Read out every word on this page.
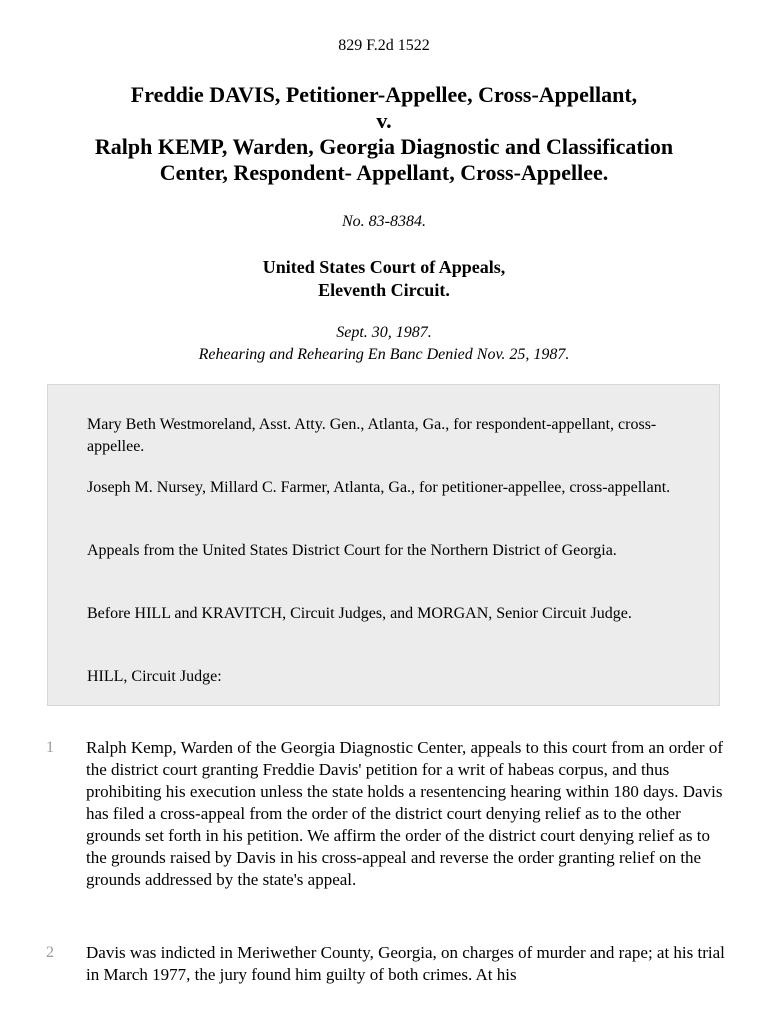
829 F.2d 1522
Freddie DAVIS, Petitioner-Appellee, Cross-Appellant,
v.
Ralph KEMP, Warden, Georgia Diagnostic and Classification
Center, Respondent- Appellant, Cross-Appellee.
No. 83-8384.
United States Court of Appeals,
Eleventh Circuit.
Sept. 30, 1987.
Rehearing and Rehearing En Banc Denied Nov. 25, 1987.

Mary Beth Westmoreland, Asst. Atty. Gen., Atlanta, Ga., for respondent-appellant, cross-appellee.

Joseph M. Nursey, Millard C. Farmer, Atlanta, Ga., for petitioner-appellee, cross-appellant.

Appeals from the United States District Court for the Northern District of Georgia.

Before HILL and KRAVITCH, Circuit Judges, and MORGAN, Senior Circuit Judge.

HILL, Circuit Judge:

1 Ralph Kemp, Warden of the Georgia Diagnostic Center, appeals to this court from an order of the district court granting Freddie Davis' petition for a writ of habeas corpus, and thus prohibiting his execution unless the state holds a resentencing hearing within 180 days. Davis has filed a cross-appeal from the order of the district court denying relief as to the other grounds set forth in his petition. We affirm the order of the district court denying relief as to the grounds raised by Davis in his cross-appeal and reverse the order granting relief on the grounds addressed by the state's appeal.

2 Davis was indicted in Meriwether County, Georgia, on charges of murder and rape; at his trial in March 1977, the jury found him guilty of both crimes. At his
